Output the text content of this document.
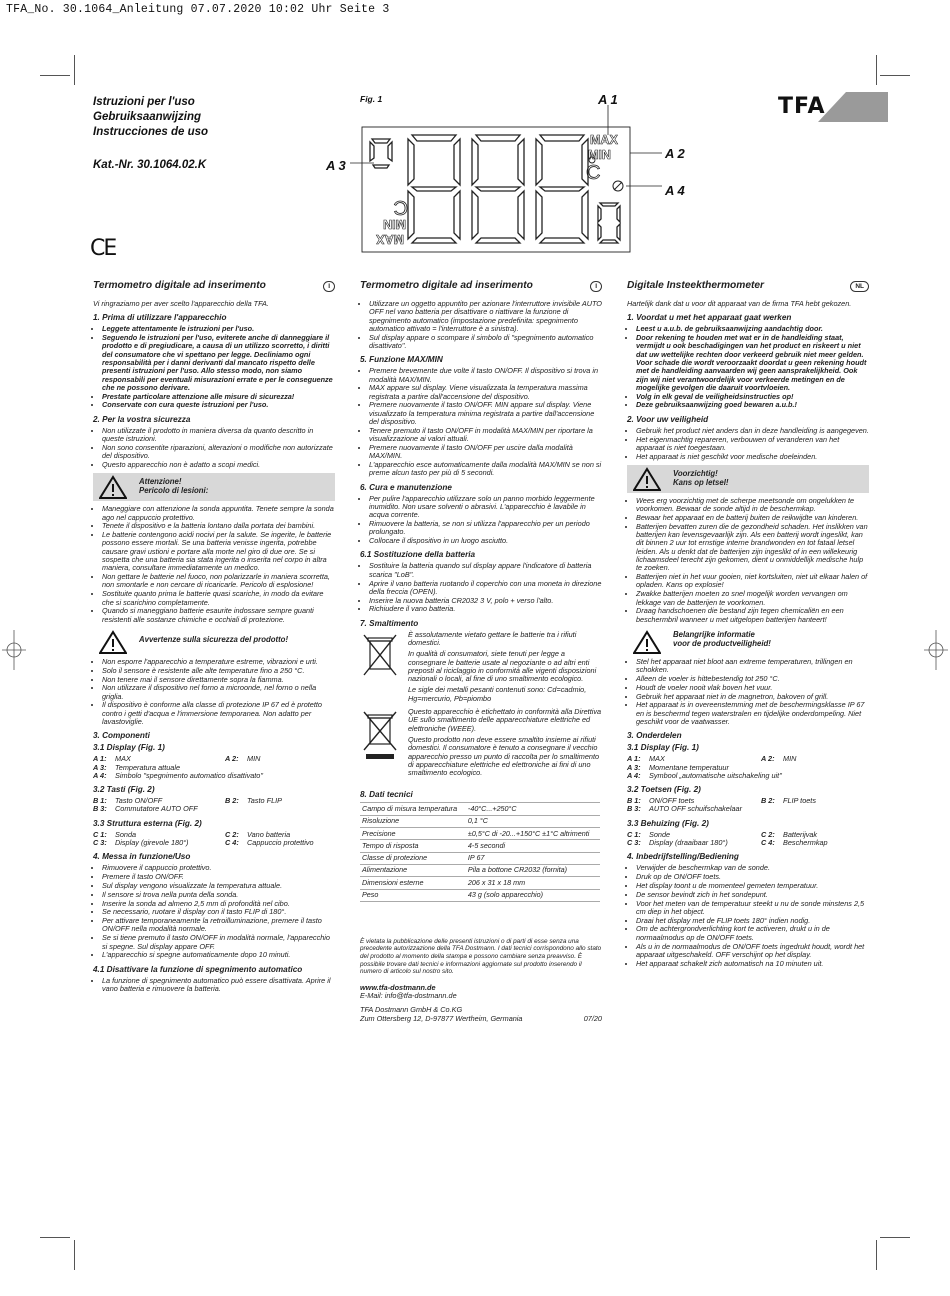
TFA_No. 30.1064_Anleitung 07.07.2020 10:02 Uhr Seite 3
Istruzioni per l'uso
Gebruiksaanwijzing
Instrucciones de uso
Kat.-Nr. 30.1064.02.K
CE
Fig. 1	A 1
A 2
A 3
A 4
C
C
MAX
MIN
MAX
MIN
TFA
Termometro digitale ad inserimento	I

Vi ringraziamo per aver scelto l'apparecchio della TFA.

1. Prima di utilizzare l'apparecchio
• Leggete attentamente le istruzioni per l'uso.
• Seguendo le istruzioni per l'uso, eviterete anche di danneggiare il prodotto e di pregiudicare, a causa di un utilizzo scorretto, i diritti del consumatore che vi spettano per legge. Decliniamo ogni responsabilità per i danni derivanti dal mancato rispetto delle presenti istruzioni per l'uso. Allo stesso modo, non siamo responsabili per eventuali misurazioni errate e per le conseguenze che ne possono derivare.
• Prestate particolare attenzione alle misure di sicurezza!
• Conservate con cura queste istruzioni per l'uso.
2. Per la vostra sicurezza
• Non utilizzate il prodotto in maniera diversa da quanto descritto in queste istruzioni.
• Non sono consentite riparazioni, alterazioni o modifiche non autorizzate del dispositivo.
• Questo apparecchio non è adatto a scopi medici.
Attenzione!
Pericolo di lesioni:
• Maneggiare con attenzione la sonda appuntita. Tenete sempre la sonda ago nel cappuccio protettivo.
• Tenete il dispositivo e la batteria lontano dalla portata dei bambini.
• Le batterie contengono acidi nocivi per la salute. Se ingerite, le batterie possono essere mortali. Se una batteria venisse ingerita, potrebbe causare gravi ustioni e portare alla morte nel giro di due ore. Se si sospetta che una batteria sia stata ingerita o inserita nel corpo in altra maniera, consultare immediatamente un medico.
• Non gettare le batterie nel fuoco, non polarizzarle in maniera scorretta, non smontarle e non cercare di ricaricarle. Pericolo di esplosione!
• Sostituite quanto prima le batterie quasi scariche, in modo da evitare che si scarichino completamente.
• Quando si maneggiano batterie esaurite indossare sempre guanti resistenti alle sostanze chimiche e occhiali di protezione.
Avvertenze sulla sicurezza del prodotto!
• Non esporre l'apparecchio a temperature estreme, vibrazioni e urti.
• Solo il sensore è resistente alle alte temperature fino a 250 °C.
• Non tenere mai il sensore direttamente sopra la fiamma.
• Non utilizzare il dispositivo nel forno a microonde, nel forno o nella griglia.
• Il dispositivo è conforme alla classe di protezione IP 67 ed è protetto contro i getti d'acqua e l'immersione temporanea. Non adatto per lavastoviglie.
3. Componenti
3.1 Display (Fig. 1)
A 1:	MAX	A 2:	MIN
A 3:	Temperatura attuale
A 4:	Simbolo "spegnimento automatico disattivato"
3.2 Tasti (Fig. 2)
B 1:	Tasto ON/OFF	B 2:	Tasto FLIP
B 3:	Commutatore AUTO OFF
3.3 Struttura esterna (Fig. 2)
C 1:	Sonda	C 2:	Vano batteria
C 3:	Display (girevole 180°)	C 4:	Cappuccio protettivo
4. Messa in funzione/Uso
• Rimuovere il cappuccio protettivo.
• Premere il tasto ON/OFF.
• Sul display vengono visualizzate la temperatura attuale.
• Il sensore si trova nella punta della sonda.
• Inserire la sonda ad almeno 2,5 mm di profondità nel cibo.
• Se necessario, ruotare il display con il tasto FLIP di 180°.
• Per attivare temporaneamente la retroilluminazione, premere il tasto ON/OFF nella modalità normale.
• Se si tiene premuto il tasto ON/OFF in modalità normale, l'apparecchio si spegne. Sul display appare OFF.
• L'apparecchio si spegne automaticamente dopo 10 minuti.
4.1 Disattivare la funzione di spegnimento automatico
• La funzione di spegnimento automatico può essere disattivata. Aprire il vano batteria e rimuovere la batteria.
Termometro digitale ad inserimento	I
• Utilizzare un oggetto appuntito per azionare l'interruttore invisibile AUTO OFF nel vano batteria per disattivare o riattivare la funzione di spegnimento automatico (impostazione predefinita: spegnimento automatico attivato = l'interruttore è a sinistra).
• Sul display appare o scompare il simbolo di "spegnimento automatico disattivato".
5. Funzione MAX/MIN
• Premere brevemente due volte il tasto ON/OFF. Il dispositivo si trova in modalità MAX/MIN.
• MAX appare sul display. Viene visualizzata la temperatura massima registrata a partire dall'accensione del dispositivo.
• Premere nuovamente il tasto ON/OFF. MIN appare sul display. Viene visualizzato la temperatura minima registrata a partire dall'accensione del dispositivo.
• Tenere premuto il tasto ON/OFF in modalità MAX/MIN per riportare la visualizzazione ai valori attuali.
• Premere nuovamente il tasto ON/OFF per uscire dalla modalità MAX/MIN.
• L'apparecchio esce automaticamente dalla modalità MAX/MIN se non si preme alcun tasto per più di 5 secondi.
6. Cura e manutenzione
• Per pulire l'apparecchio utilizzare solo un panno morbido leggermente inumidito. Non usare solventi o abrasivi. L'apparecchio è lavabile in acqua corrente.
• Rimuovere la batteria, se non si utilizza l'apparecchio per un periodo prolungato.
• Collocare il dispositivo in un luogo asciutto.
6.1 Sostituzione della batteria
• Sostituire la batteria quando sul display appare l'indicatore di batteria scarica "LoB".
• Aprire il vano batteria ruotando il coperchio con una moneta in direzione della freccia (OPEN).
• Inserire la nuova batteria CR2032 3 V, polo + verso l'alto.
• Richiudere il vano batteria.
7. Smaltimento

È assolutamente vietato gettare le batterie tra i rifiuti domestici.

In qualità di consumatori, siete tenuti per legge a consegnare le batterie usate al negoziante o ad altri enti preposti al riciclaggio in conformità alle vigenti disposizioni nazionali o locali, al fine di uno smaltimento ecologico.

Le sigle dei metalli pesanti contenuti sono: Cd=cadmio, Hg=mercurio, Pb=piombo

Questo apparecchio è etichettato in conformità alla Direttiva UE sullo smaltimento delle apparecchiature elettriche ed elettroniche (WEEE).

Questo prodotto non deve essere smaltito insieme ai rifiuti domestici. Il consumatore è tenuto a consegnare il vecchio apparecchio presso un punto di raccolta per lo smaltimento di apparecchiature elettriche ed elettroniche ai fini di uno smaltimento ecologico.

8. Dati tecnici
Campo di misura temperatura	-40°C...+250°C
Risoluzione	0,1 °C
Precisione	±0,5°C di -20...+150°C ±1°C altrimenti
Tempo di risposta	4-5 secondi
Classe di protezione	IP 67
Alimentazione	Pila a bottone CR2032 (fornita)
Dimensioni esterne	206 x 31 x 18 mm
Peso	43 g (solo apparecchio)

È vietata la pubblicazione delle presenti istruzioni o di parti di esse senza una precedente autorizzazione della TFA Dostmann. I dati tecnici corrispondono allo stato del prodotto al momento della stampa e possono cambiare senza preavviso. È possibile trovare dati tecnici e informazioni aggiornate sul prodotto inserendo il numero di articolo sul nostro sito.

www.tfa-dostmann.de

E-Mail: info@tfa-dostmann.de

TFA Dostmann GmbH & Co.KG

Zum Ottersberg 12, D-97877 Wertheim, Germania	07/20
Digitale Insteekthermometer	NL

Hartelijk dank dat u voor dit apparaat van de firma TFA hebt gekozen.

1. Voordat u met het apparaat gaat werken
• Leest u a.u.b. de gebruiksaanwijzing aandachtig door.
• Door rekening te houden met wat er in de handleiding staat, vermijdt u ook beschadigingen van het product en riskeert u niet dat uw wettelijke rechten door verkeerd gebruik niet meer gelden. Voor schade die wordt veroorzaakt doordat u geen rekening houdt met de handleiding aanvaarden wij geen aansprakelijkheid. Ook zijn wij niet verantwoordelijk voor verkeerde metingen en de mogelijke gevolgen die daaruit voortvloeien.
• Volg in elk geval de veiligheidsinstructies op!
• Deze gebruiksaanwijzing goed bewaren a.u.b.!
2. Voor uw veiligheid
• Gebruik het product niet anders dan in deze handleiding is aangegeven.
• Het eigenmachtig repareren, verbouwen of veranderen van het apparaat is niet toegestaan.
• Het apparaat is niet geschikt voor medische doeleinden.
Voorzichtig!
Kans op letsel!
• Wees erg voorzichtig met de scherpe meetsonde om ongelukken te voorkomen. Bewaar de sonde altijd in de beschermkap.
• Bewaar het apparaat en de batterij buiten de reikwijdte van kinderen.
• Batterijen bevatten zuren die de gezondheid schaden. Het inslikken van batterijen kan levensgevaarlijk zijn. Als een batterij wordt ingeslikt, kan dit binnen 2 uur tot ernstige interne brandwonden en tot fataal letsel leiden. Als u denkt dat de batterijen zijn ingeslikt of in een willekeurig lichaamsdeel terecht zijn gekomen, dient u onmiddellijk medische hulp te zoeken.
• Batterijen niet in het vuur gooien, niet kortsluiten, niet uit elkaar halen of opladen. Kans op explosie!
• Zwakke batterijen moeten zo snel mogelijk worden vervangen om lekkage van de batterijen te voorkomen.
• Draag handschoenen die bestand zijn tegen chemicaliën en een beschermbril wanneer u met uitgelopen batterijen hanteert!
Belangrijke informatie
voor de productveiligheid!
• Stel het apparaat niet bloot aan extreme temperaturen, trillingen en schokken.
• Alleen de voeler is hittebestendig tot 250 °C.
• Houdt de voeler nooit vlak boven het vuur.
• Gebruik het apparaat niet in de magnetron, bakoven of grill.
• Het apparaat is in overeenstemming met de beschermingsklasse IP 67 en is beschermd tegen waterstralen en tijdelijke onderdompeling. Niet geschikt voor de vaatwasser.
3. Onderdelen
3.1 Display (Fig. 1)
A 1:	MAX	A 2:	MIN
A 3:	Momentane temperatuur
A 4:	Symbool „automatische uitschakeling uit"
3.2 Toetsen (Fig. 2)
B 1:	ON/OFF toets	B 2:	FLIP toets
B 3:	AUTO OFF schuifschakelaar
3.3 Behuizing (Fig. 2)
C 1:	Sonde	C 2:	Batterijvak
C 3:	Display (draaibaar 180°)	C 4:	Beschermkap
4. Inbedrijfstelling/Bediening
• Verwijder de beschermkap van de sonde.
• Druk op de ON/OFF toets.
• Het display toont u de momenteel gemeten temperatuur.
• De sensor bevindt zich in het sondepunt.
• Voor het meten van de temperatuur steekt u nu de sonde minstens 2,5 cm diep in het object.
• Draai het display met de FLIP toets 180° indien nodig.
• Om de achtergrondverlichting kort te activeren, drukt u in de normaalmodus op de ON/OFF toets.
• Als u in de normaalmodus de ON/OFF toets ingedrukt houdt, wordt het apparaat uitgeschakeld. OFF verschijnt op het display.
• Het apparaat schakelt zich automatisch na 10 minuten uit.
